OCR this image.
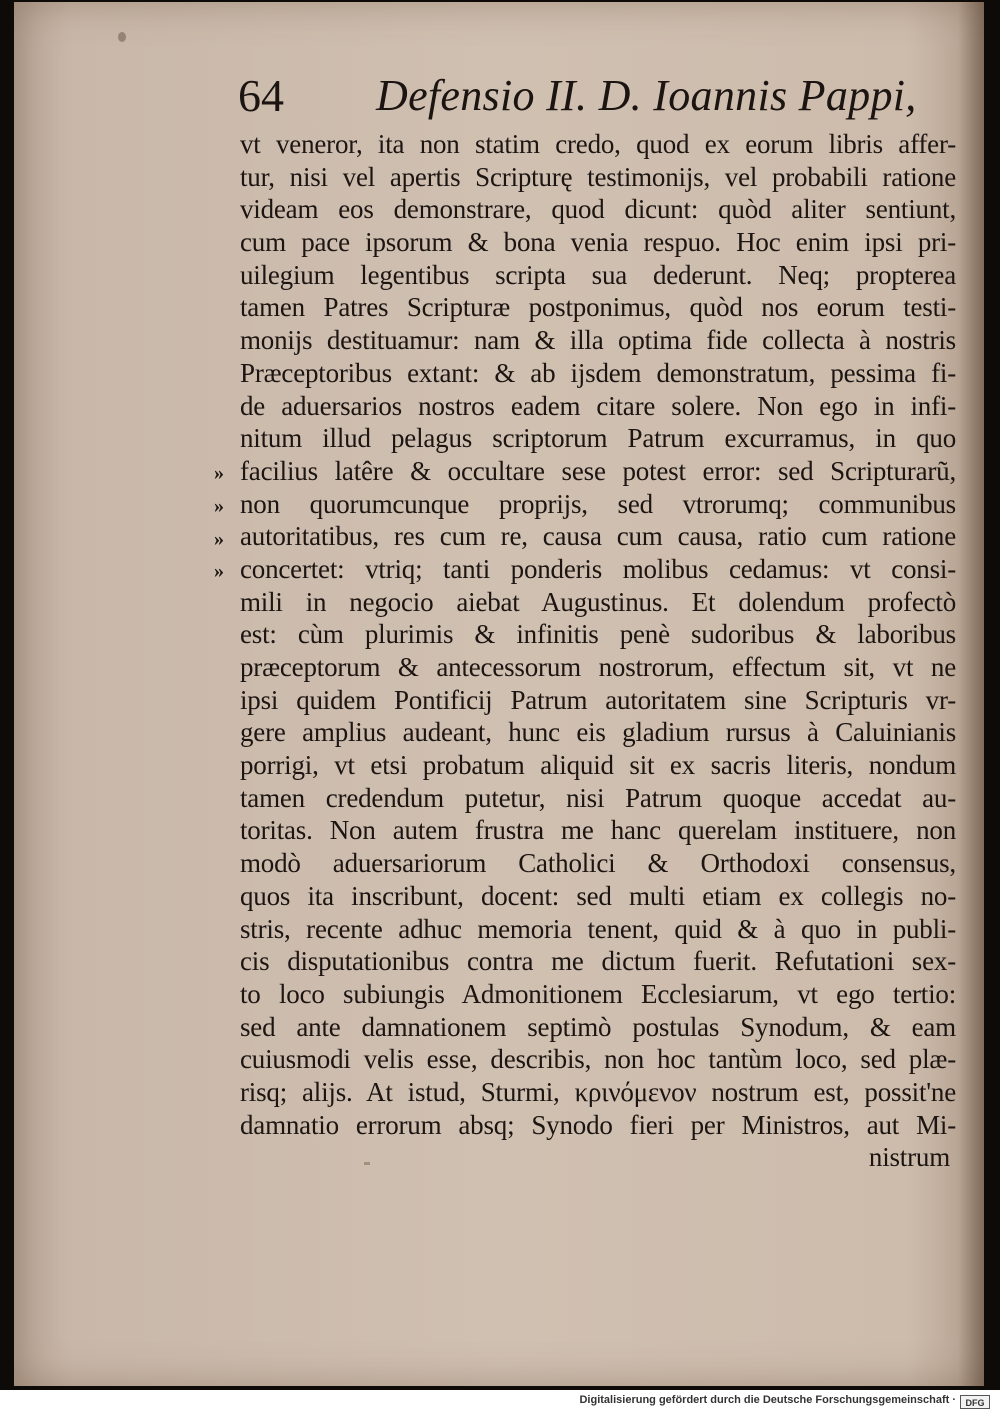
64 Defensio II. D. Ioannis Pappi,
»
»
»
»
vt veneror, ita non statim credo, quod ex eorum libris affer-
tur, nisi vel apertis Scripturę testimonijs, vel probabili ratione
videam eos demonstrare, quod dicunt: quòd aliter sentiunt,
cum pace ipsorum & bona venia respuo. Hoc enim ipsi pri-
uilegium legentibus scripta sua dederunt. Neq; propterea
tamen Patres Scripturæ postponimus, quòd nos eorum testi-
monijs destituamur: nam & illa optima fide collecta à nostris
Præceptoribus extant: & ab ijsdem demonstratum, pessima fi-
de aduersarios nostros eadem citare solere. Non ego in infi-
nitum illud pelagus scriptorum Patrum excurramus, in quo
facilius latêre & occultare sese potest error: sed Scripturarũ,
non quorumcunque proprijs, sed vtrorumq; communibus
autoritatibus, res cum re, causa cum causa, ratio cum ratione
concertet: vtriq; tanti ponderis molibus cedamus: vt consi-
mili in negocio aiebat Augustinus. Et dolendum profectò
est: cùm plurimis & infinitis penè sudoribus & laboribus
præceptorum & antecessorum nostrorum, effectum sit, vt ne
ipsi quidem Pontificij Patrum autoritatem sine Scripturis vr-
gere amplius audeant, hunc eis gladium rursus à Caluinianis
porrigi, vt etsi probatum aliquid sit ex sacris literis, nondum
tamen credendum putetur, nisi Patrum quoque accedat au-
toritas. Non autem frustra me hanc querelam instituere, non
modò aduersariorum Catholici & Orthodoxi consensus,
quos ita inscribunt, docent: sed multi etiam ex collegis no-
stris, recente adhuc memoria tenent, quid & à quo in publi-
cis disputationibus contra me dictum fuerit. Refutationi sex-
to loco subiungis Admonitionem Ecclesiarum, vt ego tertio:
sed ante damnationem septimò postulas Synodum, & eam
cuiusmodi velis esse, describis, non hoc tantùm loco, sed plæ-
risq; alijs. At istud, Sturmi, κρινόμενον nostrum est, possit'ne
damnatio errorum absq; Synodo fieri per Ministros, aut Mi-
nistrum
Digitalisierung gefördert durch die Deutsche Forschungsgemeinschaft ·	DFG
